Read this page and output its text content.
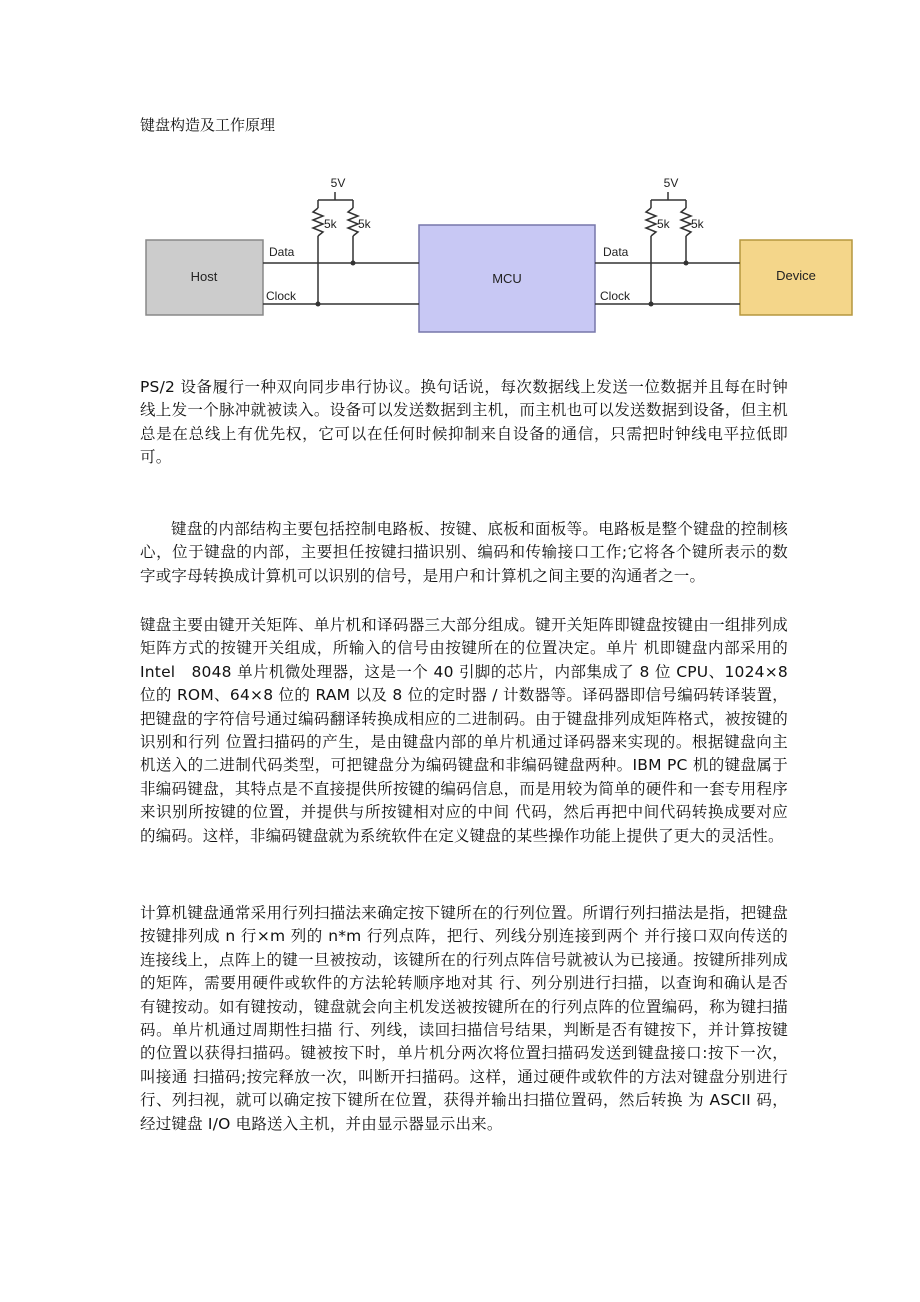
键盘构造及工作原理
Host	MCU	Device
5V
5k 5k
Data
Clock
5V
5k 5k
Data
Clock

PS/2 设备履行一种双向同步串行协议。换句话说，每次数据线上发送一位数据并且每在时钟线上发一个脉冲就被读入。设备可以发送数据到主机，而主机也可以发送数据到设备，但主机总是在总线上有优先权，它可以在任何时候抑制来自设备的通信，只需把时钟线电平拉低即可。

键盘的内部结构主要包括控制电路板、按键、底板和面板等。电路板是整个键盘的控制核心，位于键盘的内部，主要担任按键扫描识别、编码和传输接口工作;它将各个键所表示的数字或字母转换成计算机可以识别的信号，是用户和计算机之间主要的沟通者之一。

键盘主要由键开关矩阵、单片机和译码器三大部分组成。键开关矩阵即键盘按键由一组排列成矩阵方式的按键开关组成，所输入的信号由按键所在的位置决定。单片 机即键盘内部采用的 Intel　8048 单片机微处理器，这是一个 40 引脚的芯片，内部集成了 8 位 CPU、1024×8 位的 ROM、64×8 位的 RAM 以及 8 位的定时器 / 计数器等。译码器即信号编码转译装置，把键盘的字符信号通过编码翻译转换成相应的二进制码。由于键盘排列成矩阵格式，被按键的识别和行列 位置扫描码的产生，是由键盘内部的单片机通过译码器来实现的。根据键盘向主机送入的二进制代码类型，可把键盘分为编码键盘和非编码键盘两种。IBM PC 机的键盘属于非编码键盘，其特点是不直接提供所按键的编码信息，而是用较为简单的硬件和一套专用程序来识别所按键的位置，并提供与所按键相对应的中间 代码，然后再把中间代码转换成要对应的编码。这样，非编码键盘就为系统软件在定义键盘的某些操作功能上提供了更大的灵活性。

计算机键盘通常采用行列扫描法来确定按下键所在的行列位置。所谓行列扫描法是指，把键盘按键排列成 n 行×m 列的 n*m 行列点阵，把行、列线分别连接到两个 并行接口双向传送的连接线上，点阵上的键一旦被按动，该键所在的行列点阵信号就被认为已接通。按键所排列成的矩阵，需要用硬件或软件的方法轮转顺序地对其 行、列分别进行扫描，以查询和确认是否有键按动。如有键按动，键盘就会向主机发送被按键所在的行列点阵的位置编码，称为键扫描码。单片机通过周期性扫描 行、列线，读回扫描信号结果，判断是否有键按下，并计算按键的位置以获得扫描码。键被按下时，单片机分两次将位置扫描码发送到键盘接口:按下一次，叫接通 扫描码;按完释放一次，叫断开扫描码。这样，通过硬件或软件的方法对键盘分别进行行、列扫视，就可以确定按下键所在位置，获得并输出扫描位置码，然后转换 为 ASCII 码，经过键盘 I/O 电路送入主机，并由显示器显示出来。
